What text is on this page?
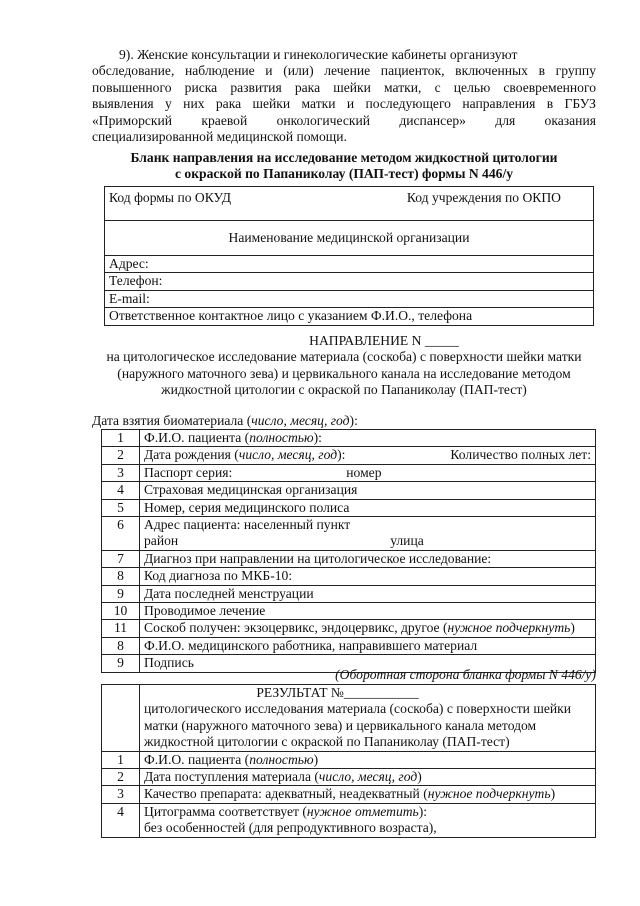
9). Женские консультации и гинекологические кабинеты организуют
обследование, наблюдение и (или) лечение пациенток, включенных в группу
повышенного риска развития рака шейки матки, с целью своевременного
выявления у них рака шейки матки и последующего направления в ГБУЗ
«Приморский краевой онкологический диспансер» для оказания
специализированной медицинской помощи.
Бланк направления на исследование методом жидкостной цитологии
с окраской по Папаниколау (ПАП-тест) формы N 446/у
Код формы по ОКУД	Код учреждения по ОКПО

Наименование медицинской организации

Адрес:
Телефон:
E-mail:
Ответственное контактное лицо с указанием Ф.И.О., телефона
НАПРАВЛЕНИЕ N _____
на цитологическое исследование материала (соскоба) с поверхности шейки матки
(наружного маточного зева) и цервикального канала на исследование методом
жидкостной цитологии с окраской по Папаниколау (ПАП-тест)
Дата взятия биоматериала (число, месяц, год):
1	Ф.И.О. пациента (полностью):
2	Дата рождения (число, месяц, год): Количество полных лет:

3	Паспорт серия: номер
4	Страховая медицинская организация
5	Номер, серия медицинского полиса
6	Адрес пациента: населенный пункт
район улица

7	Диагноз при направлении на цитологическое исследование:
8	Код диагноза по МКБ-10:
9	Дата последней менструации
10	Проводимое лечение
11	Соскоб получен: экзоцервикс, эндоцервикс, другое (нужное подчеркнуть)
8	Ф.И.О. медицинского работника, направившего материал
9	Подпись
(Оборотная сторона бланка формы N 446/у)

	РЕЗУЛЬТАТ №___________
цитологического исследования материала (соскоба) с поверхности шейки
матки (наружного маточного зева) и цервикального канала методом
жидкостной цитологии с окраской по Папаниколау (ПАП-тест)

1	Ф.И.О. пациента (полностью)
2	Дата поступления материала (число, месяц, год)
3	Качество препарата: адекватный, неадекватный (нужное подчеркнуть)
4	Цитограмма соответствует (нужное отметить):
без особенностей (для репродуктивного возраста),
